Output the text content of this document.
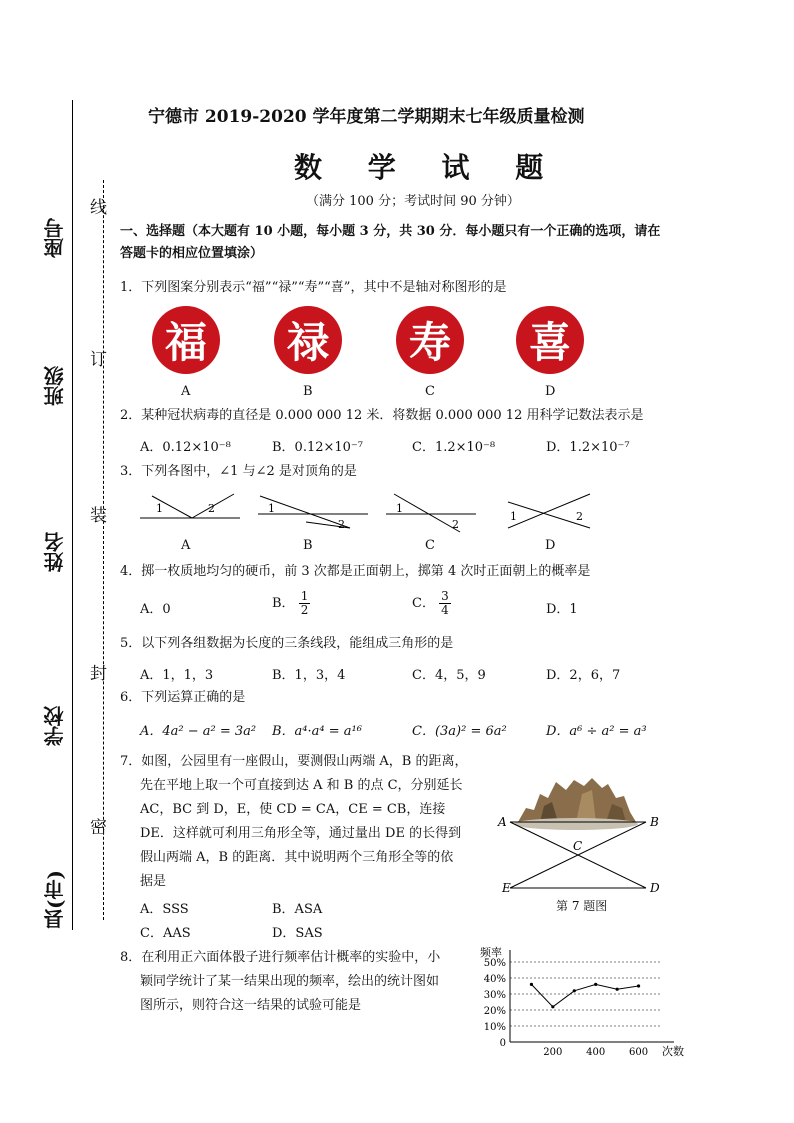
座号
班级
姓名
学校
县(市)
线
订
装
封
密
宁德市 2019-2020 学年度第二学期期末七年级质量检测
数 学 试 题
（满分 100 分；考试时间 90 分钟）
一、选择题（本大题有 10 小题，每小题 3 分，共 30 分．每小题只有一个正确的选项，请在
答题卡的相应位置填涂）
1．下列图案分别表示“福”“禄”“寿”“喜”，其中不是轴对称图形的是
福	禄	寿	喜
A	B	C	D
2．某种冠状病毒的直径是 0.000 000 12 米．将数据 0.000 000 12 用科学记数法表示是
A．0.12×10⁻⁸	B．0.12×10⁻⁷	C．1.2×10⁻⁸	D．1.2×10⁻⁷
3．下列各图中，∠1 与∠2 是对顶角的是
1	2	1
2
1
2
1	2
A	B	C	D
4．掷一枚质地均匀的硬币，前 3 次都是正面朝上，掷第 4 次时正面朝上的概率是
A．0	B． $\frac{1}{2}$	C． $\frac{3}{4}$	D．1
5．以下列各组数据为长度的三条线段，能组成三角形的是
A．1，1，3	B．1，3，4	C．4，5，9	D．2，6，7
6．下列运算正确的是
A．4a² − a² = 3a² B．a⁴·a⁴ = a¹⁶	C．(3a)² = 6a²	D．a⁶ ÷ a² = a³
7．如图，公园里有一座假山，要测假山两端 A，B 的距离，
先在平地上取一个可直接到达 A 和 B 的点 C，分别延长
AC，BC 到 D，E，使 CD = CA，CE = CB，连接
DE．这样就可利用三角形全等，通过量出 DE 的长得到
假山两端 A，B 的距离．其中说明两个三角形全等的依
据是
A．SSS	B．ASA
C．AAS	D．SAS
A	B
C
D
E
第 7 题图
8．在利用正六面体骰子进行频率估计概率的实验中，小
颖同学统计了某一结果出现的频率，绘出的统计图如
图所示，则符合这一结果的试验可能是
50%
40%
30%
20%
10%
0
200 400 600
频率
次数
